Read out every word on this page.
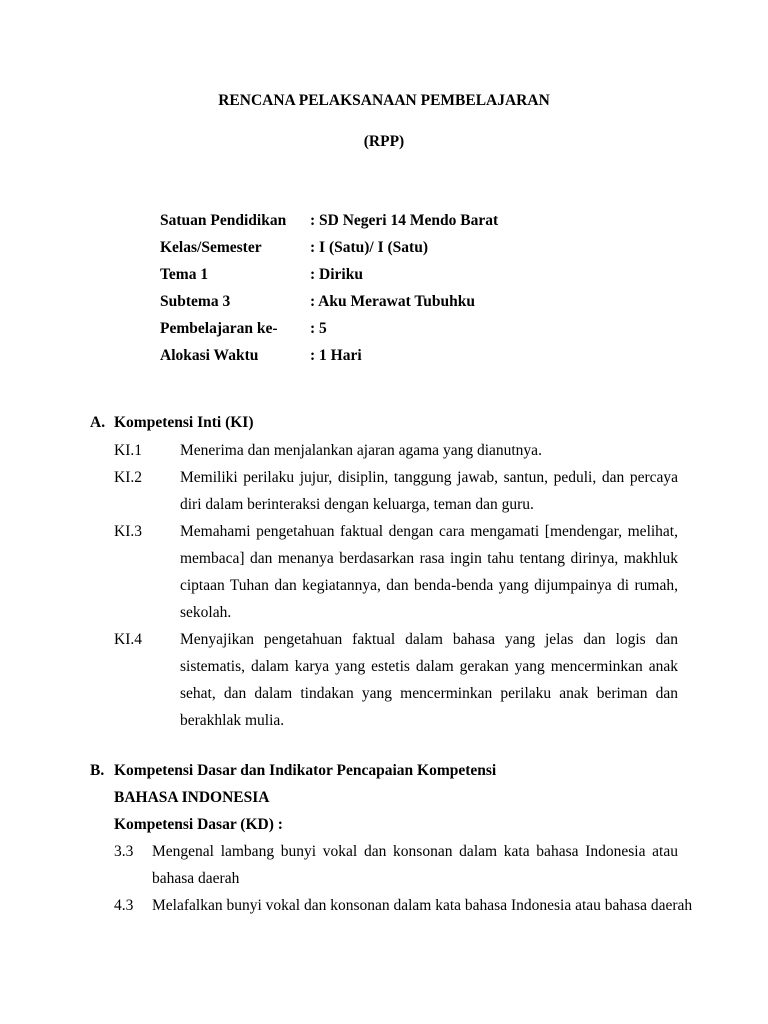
RENCANA PELAKSANAAN PEMBELAJARAN
(RPP)
Satuan Pendidikan	: SD Negeri 14 Mendo Barat
Kelas/Semester	: I (Satu)/ I (Satu)
Tema 1	: Diriku
Subtema 3	: Aku Merawat Tubuhku
Pembelajaran ke-	: 5
Alokasi Waktu	: 1 Hari
A. Kompetensi Inti (KI)
KI.1	Menerima dan menjalankan ajaran agama yang dianutnya.
KI.2	Memiliki perilaku jujur, disiplin, tanggung jawab, santun, peduli, dan percaya diri dalam berinteraksi dengan keluarga, teman dan guru.
KI.3	Memahami pengetahuan faktual dengan cara mengamati [mendengar, melihat, membaca] dan menanya berdasarkan rasa ingin tahu tentang dirinya, makhluk ciptaan Tuhan dan kegiatannya, dan benda-benda yang dijumpainya di rumah, sekolah.
KI.4	Menyajikan pengetahuan faktual dalam bahasa yang jelas dan logis dan sistematis, dalam karya yang estetis dalam gerakan yang mencerminkan anak sehat, dan dalam tindakan yang mencerminkan perilaku anak beriman dan berakhlak mulia.
B. Kompetensi Dasar dan Indikator Pencapaian Kompetensi
BAHASA INDONESIA
Kompetensi Dasar (KD) :
3.3	Mengenal lambang bunyi vokal dan konsonan dalam kata bahasa Indonesia atau bahasa daerah
4.3	Melafalkan bunyi vokal dan konsonan dalam kata bahasa Indonesia atau bahasa daerah
